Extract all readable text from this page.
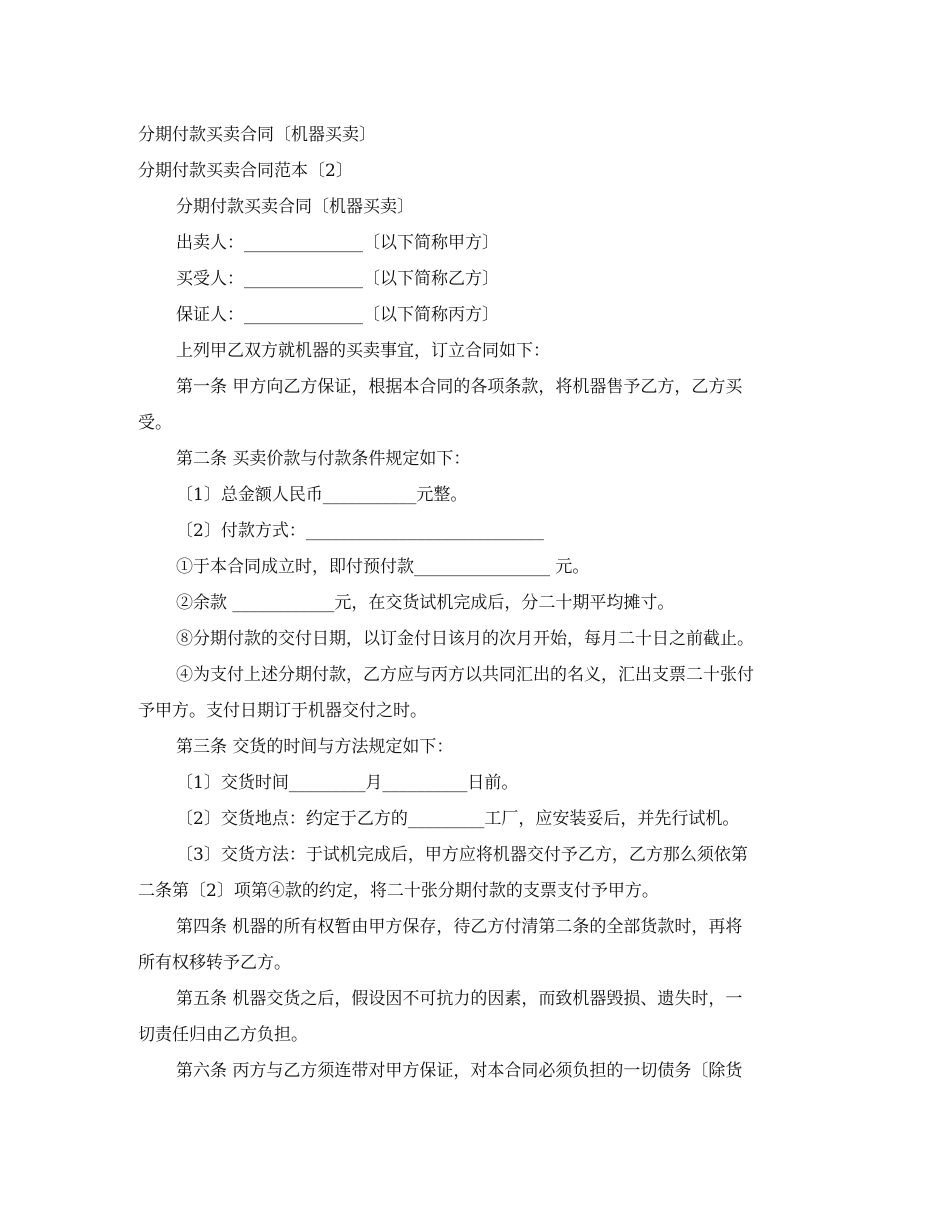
分期付款买卖合同〔机器买卖〕
分期付款买卖合同范本〔2〕
分期付款买卖合同〔机器买卖〕
出卖人：______________〔以下简称甲方〕
买受人：______________〔以下简称乙方〕
保证人：______________〔以下简称丙方〕
上列甲乙双方就机器的买卖事宜，订立合同如下：
第一条 甲方向乙方保证，根据本合同的各项条款，将机器售予乙方，乙方买
受。
第二条 买卖价款与付款条件规定如下：
〔1〕总金额人民币___________元整。
〔2〕付款方式：____________________________
①于本合同成立时，即付预付款________________ 元。
②余款 ____________元，在交货试机完成后，分二十期平均摊寸。
⑧分期付款的交付日期，以订金付日该月的次月开始，每月二十日之前截止。
④为支付上述分期付款，乙方应与丙方以共同汇出的名义，汇出支票二十张付
予甲方。支付日期订于机器交付之时。
第三条 交货的时间与方法规定如下：
〔1〕交货时间_________月__________日前。
〔2〕交货地点：约定于乙方的_________工厂，应安装妥后，并先行试机。
〔3〕交货方法：于试机完成后，甲方应将机器交付予乙方，乙方那么须依第
二条第〔2〕项第④款的约定，将二十张分期付款的支票支付予甲方。
第四条 机器的所有权暂由甲方保存，待乙方付清第二条的全部货款时，再将
所有权移转予乙方。
第五条 机器交货之后，假设因不可抗力的因素，而致机器毁损、遗失时，一
切责任归由乙方负担。
第六条 丙方与乙方须连带对甲方保证，对本合同必须负担的一切债务〔除货
